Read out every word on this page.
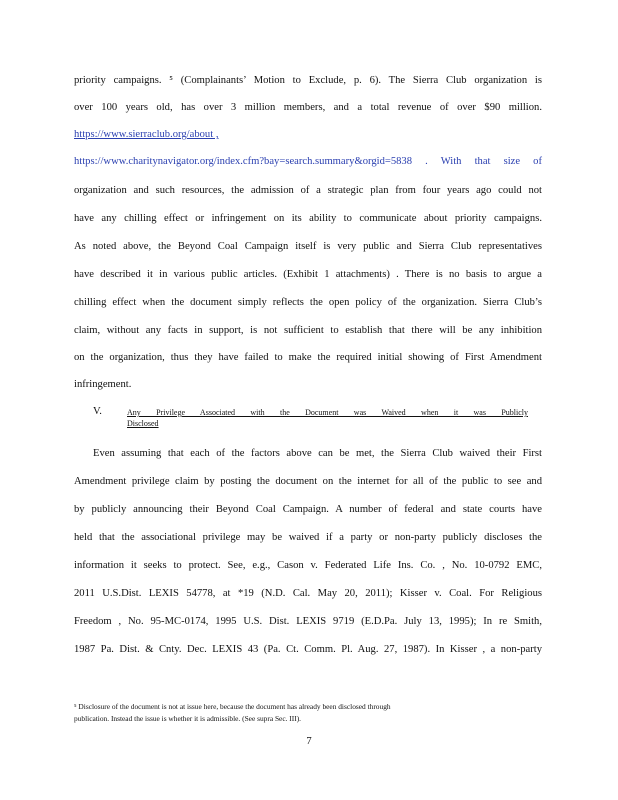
priority campaigns. ⁵ (Complainants’ Motion to Exclude, p. 6). The Sierra Club organization is
over 100 years old, has over 3 million members, and a total revenue of over $90 million.
https://www.sierraclub.org/about ,
https://www.charitynavigator.org/index.cfm?bay=search.summary&orgid=5838 . With that size of
organization and such resources, the admission of a strategic plan from four years ago could not
have any chilling effect or infringement on its ability to communicate about priority campaigns.
As noted above, the Beyond Coal Campaign itself is very public and Sierra Club representatives
have described it in various public articles. (Exhibit 1 attachments) . There is no basis to argue a
chilling effect when the document simply reflects the open policy of the organization. Sierra Club’s
claim, without any facts in support, is not sufficient to establish that there will be any inhibition
on the organization, thus they have failed to make the required initial showing of First Amendment
infringement.
V.	Any Privilege Associated with the Document was Waived when it was Publicly
Disclosed
Even assuming that each of the factors above can be met, the Sierra Club waived their First
Amendment privilege claim by posting the document on the internet for all of the public to see and
by publicly announcing their Beyond Coal Campaign. A number of federal and state courts have
held that the associational privilege may be waived if a party or non-party publicly discloses the
information it seeks to protect. See, e.g., Cason v. Federated Life Ins. Co. , No. 10-0792 EMC,
2011 U.S.Dist. LEXIS 54778, at *19 (N.D. Cal. May 20, 2011); Kisser v. Coal. For Religious
Freedom , No. 95-MC-0174, 1995 U.S. Dist. LEXIS 9719 (E.D.Pa. July 13, 1995); In re Smith,
1987 Pa. Dist. & Cnty. Dec. LEXIS 43 (Pa. Ct. Comm. Pl. Aug. 27, 1987). In Kisser , a non-party
⁵ Disclosure of the document is not at issue here, because the document has already been disclosed through
publication. Instead the issue is whether it is admissible. (See supra Sec. III).
7
